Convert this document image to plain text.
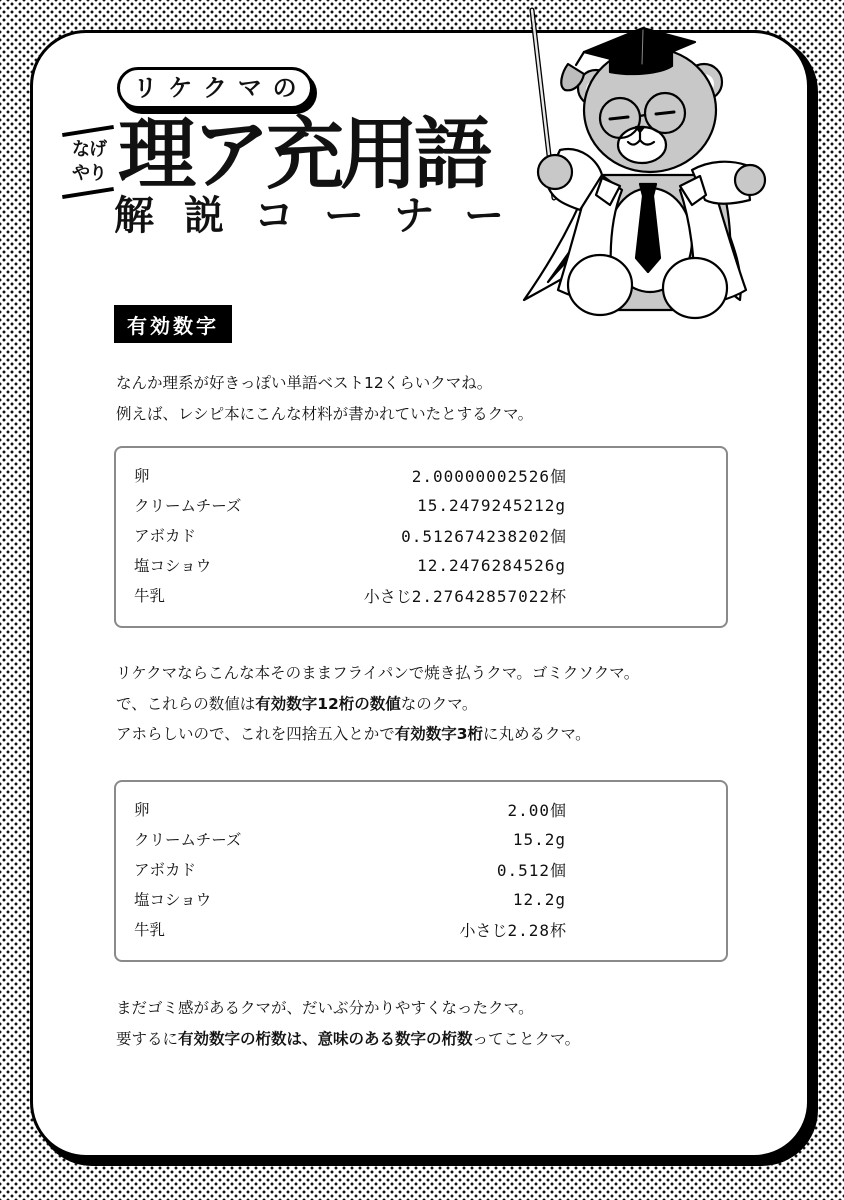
リ ケ ク マ の
なげ
やり 理ア充用語
解 説 コ ー ナ ー
有効数字
なんか理系が好きっぽい単語ベスト12くらいクマね。
例えば、レシピ本にこんな材料が書かれていたとするクマ。
卵	2.00000002526個
クリームチーズ	15.2479245212g
アボカド	0.512674238202個
塩コショウ	12.2476284526g
牛乳	小さじ2.27642857022杯
リケクマならこんな本そのままフライパンで焼き払うクマ。ゴミクソクマ。
で、これらの数値は有効数字12桁の数値なのクマ。
アホらしいので、これを四捨五入とかで有効数字3桁に丸めるクマ。
卵	2.00個
クリームチーズ	15.2g
アボカド	0.512個
塩コショウ	12.2g
牛乳	小さじ2.28杯
まだゴミ感があるクマが、だいぶ分かりやすくなったクマ。
要するに有効数字の桁数は、意味のある数字の桁数ってことクマ。
